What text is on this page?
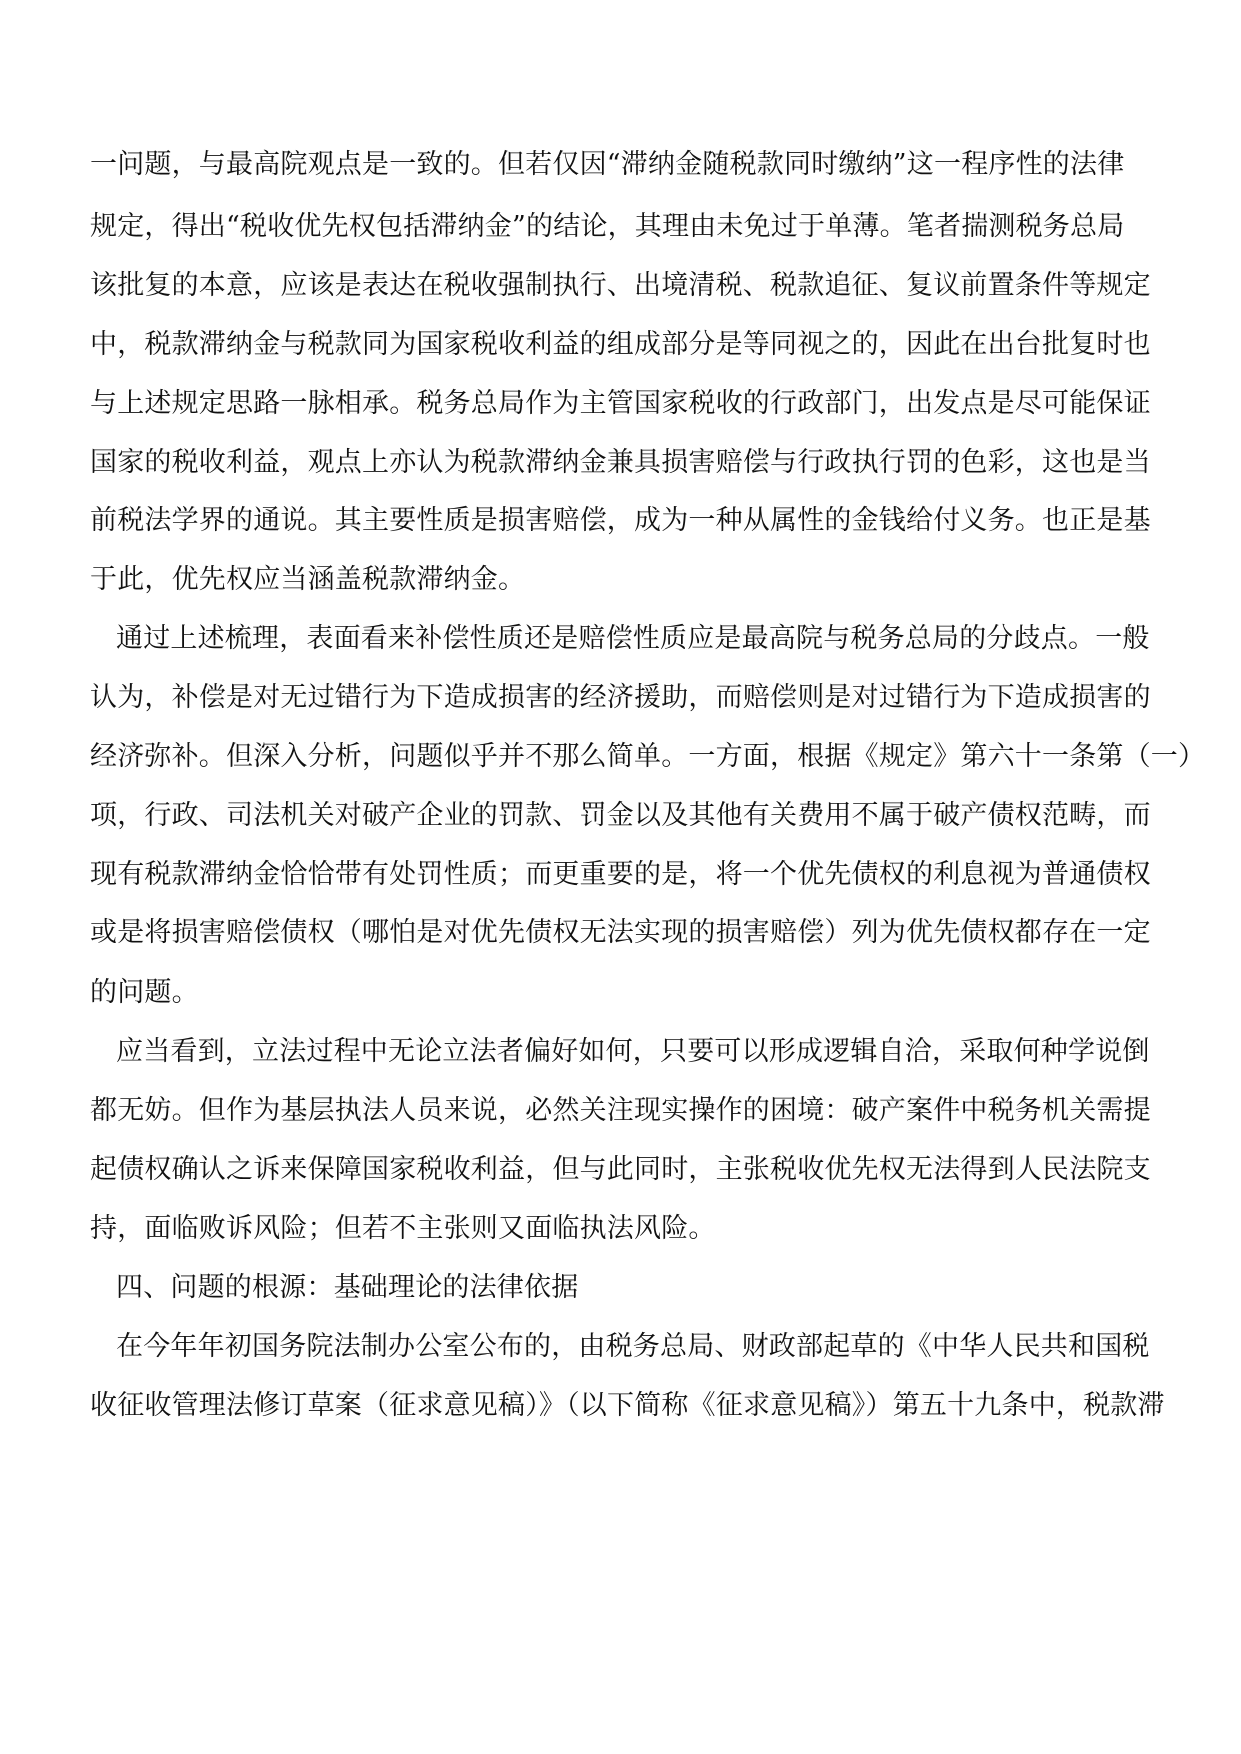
一问题，与最高院观点是一致的。但若仅因“滞纳金随税款同时缴纳”这一程序性的法律
规定，得出“税收优先权包括滞纳金”的结论，其理由未免过于单薄。笔者揣测税务总局
该批复的本意，应该是表达在税收强制执行、出境清税、税款追征、复议前置条件等规定
中，税款滞纳金与税款同为国家税收利益的组成部分是等同视之的，因此在出台批复时也
与上述规定思路一脉相承。税务总局作为主管国家税收的行政部门，出发点是尽可能保证
国家的税收利益，观点上亦认为税款滞纳金兼具损害赔偿与行政执行罚的色彩，这也是当
前税法学界的通说。其主要性质是损害赔偿，成为一种从属性的金钱给付义务。也正是基
于此，优先权应当涵盖税款滞纳金。
通过上述梳理，表面看来补偿性质还是赔偿性质应是最高院与税务总局的分歧点。一般
认为，补偿是对无过错行为下造成损害的经济援助，而赔偿则是对过错行为下造成损害的
经济弥补。但深入分析，问题似乎并不那么简单。一方面，根据《规定》第六十一条第（一）
项，行政、司法机关对破产企业的罚款、罚金以及其他有关费用不属于破产债权范畴，而
现有税款滞纳金恰恰带有处罚性质；而更重要的是，将一个优先债权的利息视为普通债权
或是将损害赔偿债权（哪怕是对优先债权无法实现的损害赔偿）列为优先债权都存在一定
的问题。
应当看到，立法过程中无论立法者偏好如何，只要可以形成逻辑自洽，采取何种学说倒
都无妨。但作为基层执法人员来说，必然关注现实操作的困境：破产案件中税务机关需提
起债权确认之诉来保障国家税收利益，但与此同时，主张税收优先权无法得到人民法院支
持，面临败诉风险；但若不主张则又面临执法风险。
四、问题的根源：基础理论的法律依据
在今年年初国务院法制办公室公布的，由税务总局、财政部起草的《中华人民共和国税
收征收管理法修订草案（征求意见稿）》（以下简称《征求意见稿》）第五十九条中，税款滞
